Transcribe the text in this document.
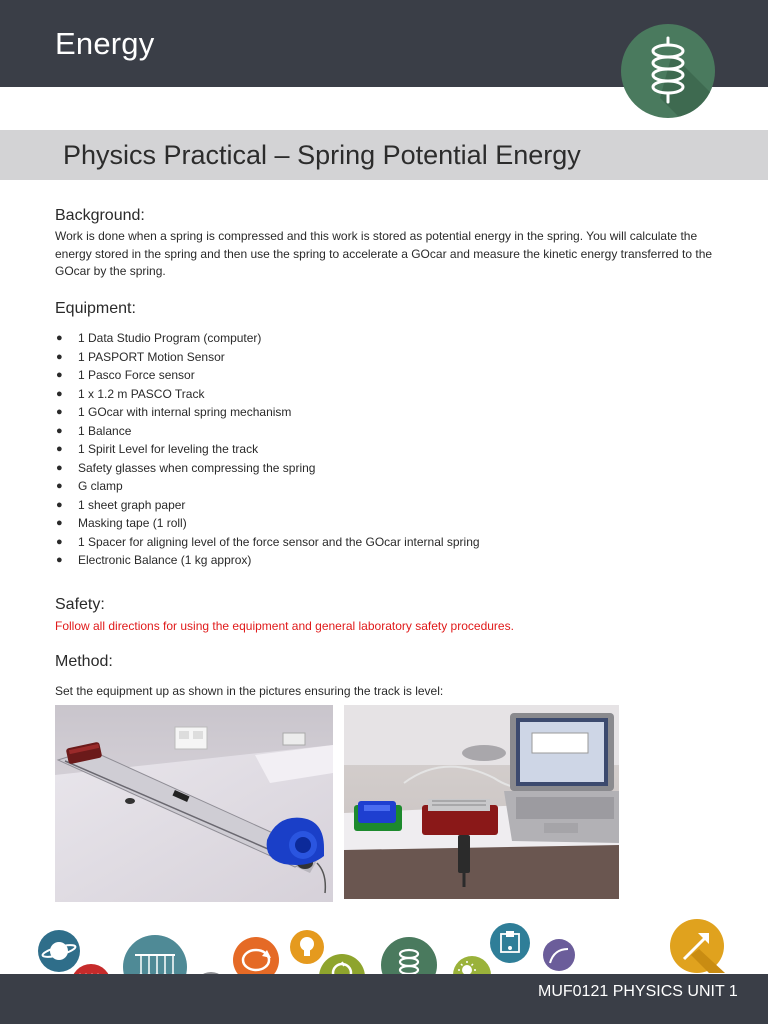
Energy
Physics Practical – Spring Potential Energy
Background:
Work is done when a spring is compressed and this work is stored as potential energy in the spring. You will calculate the energy stored in the spring and then use the spring to accelerate a GOcar and measure the kinetic energy transferred to the GOcar by the spring.
Equipment:
● 1 Data Studio Program (computer)
● 1 PASPORT Motion Sensor
● 1 Pasco Force sensor
● 1 x 1.2 m PASCO Track
● 1 GOcar with internal spring mechanism
● 1 Balance
● 1 Spirit Level for leveling the track
● Safety glasses when compressing the spring
● G clamp
● 1 sheet graph paper
● Masking tape (1 roll)
● 1 Spacer for aligning level of the force sensor and the GOcar internal spring
● Electronic Balance (1 kg approx)
Safety:
Follow all directions for using the equipment and general laboratory safety procedures.
Method:
Set the equipment up as shown in the pictures ensuring the track is level:
MUF0121 PHYSICS UNIT 1
